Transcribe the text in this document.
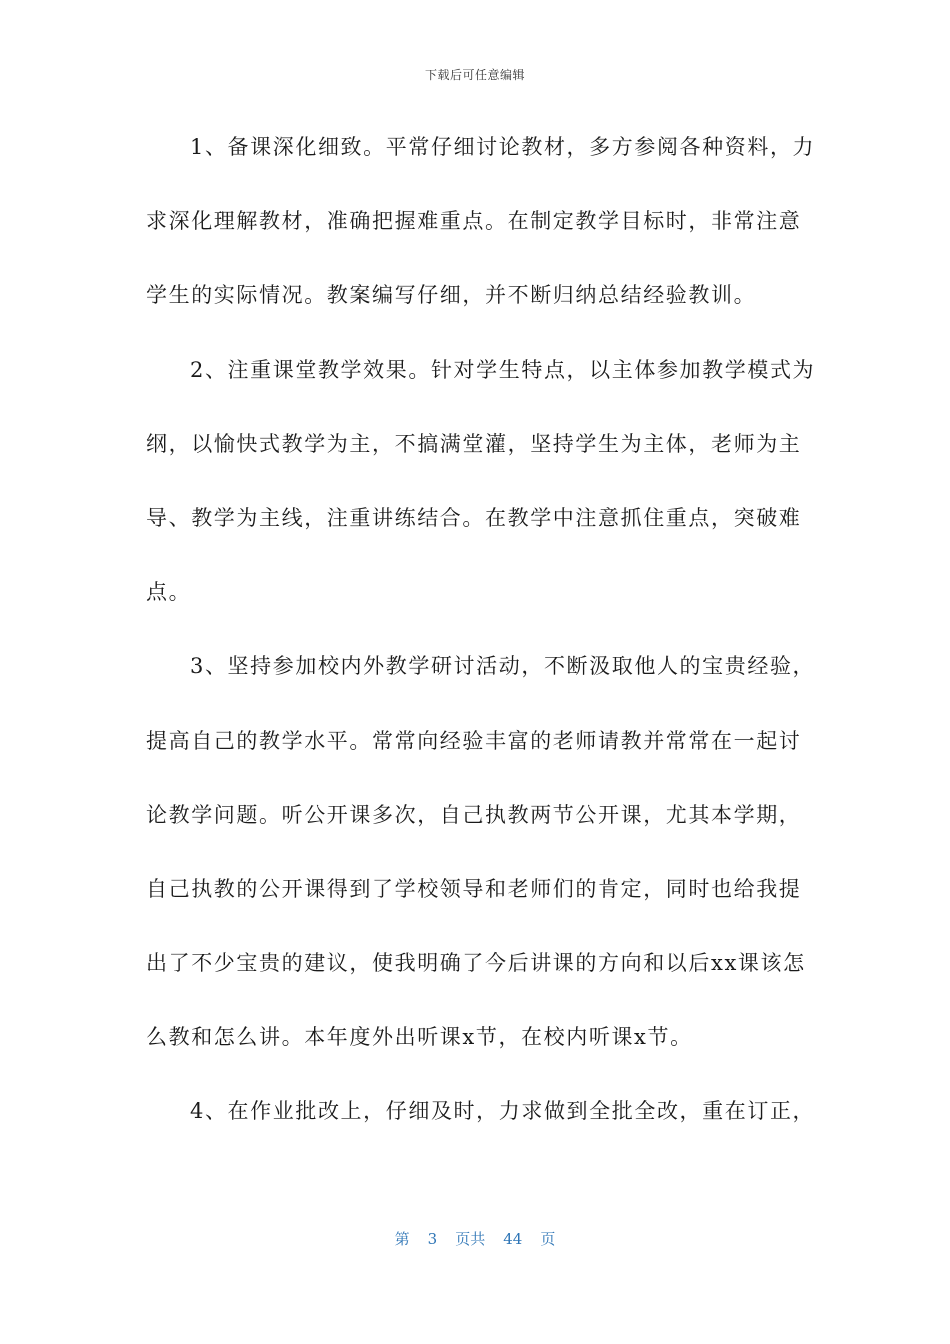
下载后可任意编辑
1、备课深化细致。平常仔细讨论教材，多方参阅各种资料，力
求深化理解教材，准确把握难重点。在制定教学目标时，非常注意
学生的实际情况。教案编写仔细，并不断归纳总结经验教训。
2、注重课堂教学效果。针对学生特点，以主体参加教学模式为
纲，以愉快式教学为主，不搞满堂灌，坚持学生为主体，老师为主
导、教学为主线，注重讲练结合。在教学中注意抓住重点，突破难
点。
3、坚持参加校内外教学研讨活动，不断汲取他人的宝贵经验，
提高自己的教学水平。常常向经验丰富的老师请教并常常在一起讨
论教学问题。听公开课多次，自己执教两节公开课，尤其本学期，
自己执教的公开课得到了学校领导和老师们的肯定，同时也给我提
出了不少宝贵的建议，使我明确了今后讲课的方向和以后xx课该怎
么教和怎么讲。本年度外出听课x节，在校内听课x节。
4、在作业批改上，仔细及时，力求做到全批全改，重在订正，
第 3 页共 44 页
